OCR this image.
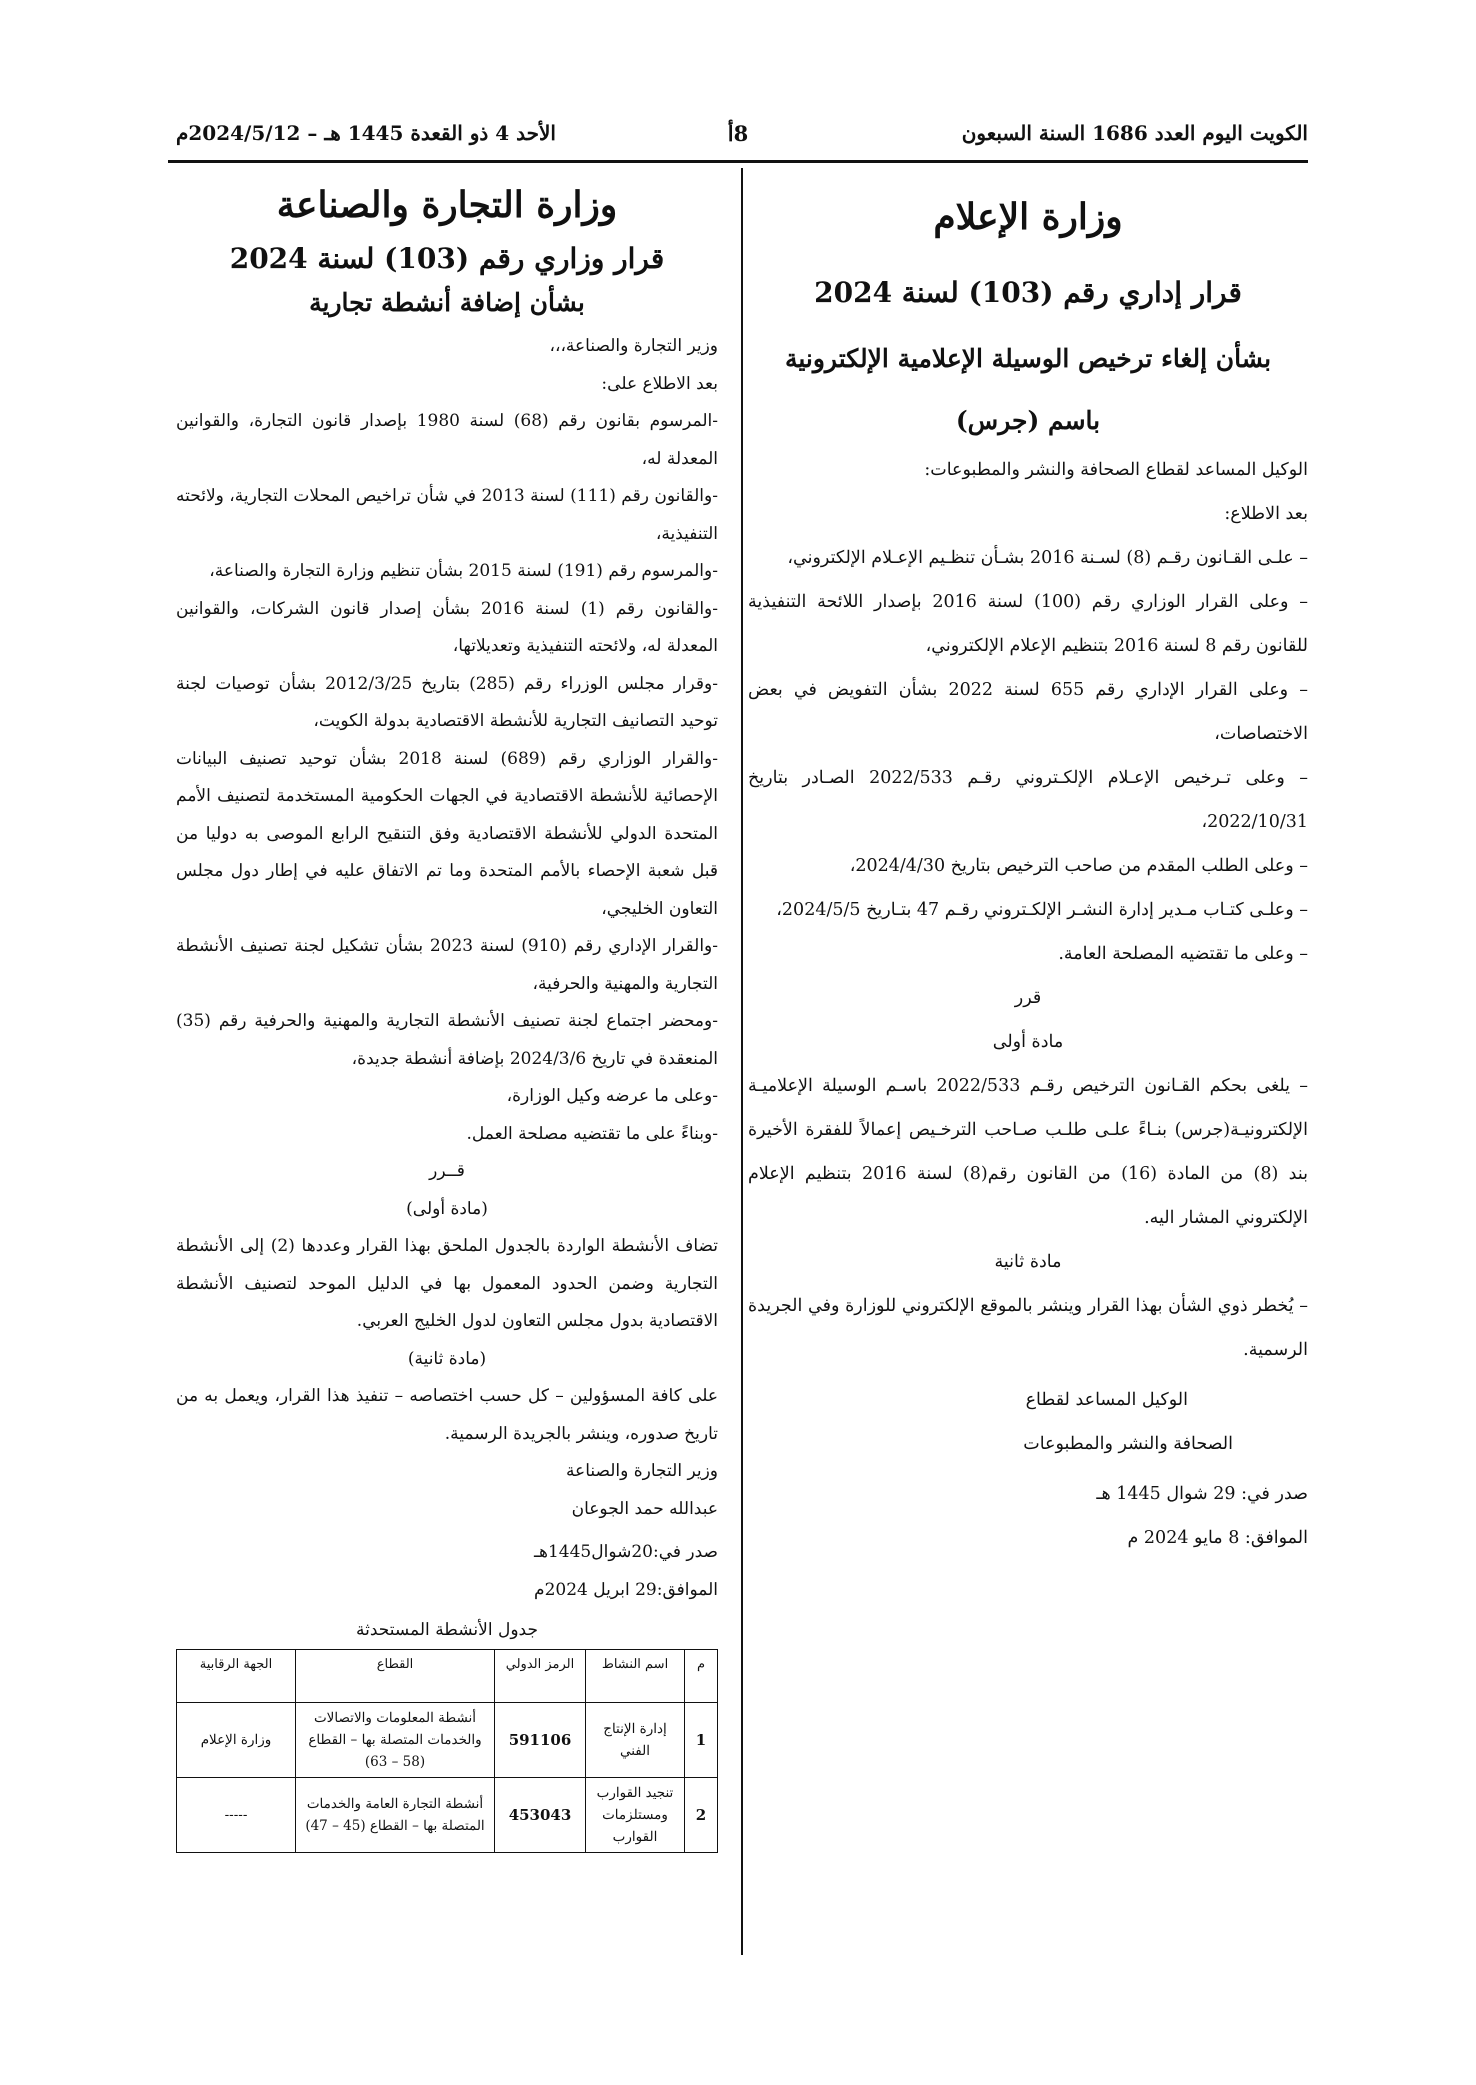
الكويت اليوم العدد 1686 السنة السبعون
8أ
الأحد 4 ذو القعدة 1445 هـ – 2024/5/12م

وزارة الإعلام

قرار إداري رقم (103) لسنة 2024

بشأن إلغاء ترخيص الوسيلة الإعلامية الإلكترونية

باسم (جرس)

الوكيل المساعد لقطاع الصحافة والنشر والمطبوعات:

بعد الاطلاع:

– علـى القـانون رقـم (8) لسـنة 2016 بشـأن تنظـيم الإعـلام الإلكتروني،

– وعلى القرار الوزاري رقم (100) لسنة 2016 بإصدار اللائحة التنفيذية للقانون رقم 8 لسنة 2016 بتنظيم الإعلام الإلكتروني،

– وعلى القرار الإداري رقم 655 لسنة 2022 بشأن التفويض في بعض الاختصاصات،

– وعلى تـرخيص الإعـلام الإلكـتروني رقـم 2022/533 الصـادر بتاريخ 2022/10/31،

– وعلى الطلب المقدم من صاحب الترخيص بتاريخ 2024/4/30،

– وعلـى كتـاب مـدير إدارة النشـر الإلكـتروني رقـم 47 بتـاريخ 2024/5/5،

– وعلى ما تقتضيه المصلحة العامة.

قرر

مادة أولى

– يلغى بحكم القـانون الترخيص رقـم 2022/533 باسـم الوسيلة الإعلاميـة الإلكترونيـة(جرس) بنـاءً علـى طلـب صـاحب الترخـيص إعمالاً للفقرة الأخيرة بند (8) من المادة (16) من القانون رقم(8) لسنة 2016 بتنظيم الإعلام الإلكتروني المشار اليه.

مادة ثانية

– يُخطر ذوي الشأن بهذا القرار وينشر بالموقع الإلكتروني للوزارة وفي الجريدة الرسمية.

الوكيل المساعد لقطاع

الصحافة والنشر والمطبوعات

صدر في: 29 شوال 1445 هـ

الموافق: 8 مايو 2024 م

وزارة التجارة والصناعة

قرار وزاري رقم (103) لسنة 2024

بشأن إضافة أنشطة تجارية

وزير التجارة والصناعة،،،

بعد الاطلاع على:

-المرسوم بقانون رقم (68) لسنة 1980 بإصدار قانون التجارة، والقوانين المعدلة له،

-والقانون رقم (111) لسنة 2013 في شأن تراخيص المحلات التجارية، ولائحته التنفيذية،

-والمرسوم رقم (191) لسنة 2015 بشأن تنظيم وزارة التجارة والصناعة،

-والقانون رقم (1) لسنة 2016 بشأن إصدار قانون الشركات، والقوانين المعدلة له، ولائحته التنفيذية وتعديلاتها،

-وقرار مجلس الوزراء رقم (285) بتاريخ 2012/3/25 بشأن توصيات لجنة توحيد التصانيف التجارية للأنشطة الاقتصادية بدولة الكويت،

-والقرار الوزاري رقم (689) لسنة 2018 بشأن توحيد تصنيف البيانات الإحصائية للأنشطة الاقتصادية في الجهات الحكومية المستخدمة لتصنيف الأمم المتحدة الدولي للأنشطة الاقتصادية وفق التنقيح الرابع الموصى به دوليا من قبل شعبة الإحصاء بالأمم المتحدة وما تم الاتفاق عليه في إطار دول مجلس التعاون الخليجي،

-والقرار الإداري رقم (910) لسنة 2023 بشأن تشكيل لجنة تصنيف الأنشطة التجارية والمهنية والحرفية،

-ومحضر اجتماع لجنة تصنيف الأنشطة التجارية والمهنية والحرفية رقم (35) المنعقدة في تاريخ 2024/3/6 بإضافة أنشطة جديدة،

-وعلى ما عرضه وكيل الوزارة،

-وبناءً على ما تقتضيه مصلحة العمل.

قــرر

(مادة أولى)

تضاف الأنشطة الواردة بالجدول الملحق بهذا القرار وعددها (2) إلى الأنشطة التجارية وضمن الحدود المعمول بها في الدليل الموحد لتصنيف الأنشطة الاقتصادية بدول مجلس التعاون لدول الخليج العربي.

(مادة ثانية)

على كافة المسؤولين – كل حسب اختصاصه – تنفيذ هذا القرار، ويعمل به من تاريخ صدوره، وينشر بالجريدة الرسمية.

وزير التجارة والصناعة

عبدالله حمد الجوعان

صدر في:20شوال1445هـ

الموافق:29 ابريل 2024م

جدول الأنشطة المستحدثة

م	اسم النشاط	الرمز الدولي	القطاع	الجهة الرقابية
1	إدارة الإنتاج الفني	591106	أنشطة المعلومات والاتصالات والخدمات المتصلة بها – القطاع (58 – 63)	وزارة الإعلام
2	تنجيد القوارب ومستلزمات القوارب	453043	أنشطة التجارة العامة والخدمات المتصلة بها – القطاع (45 – 47)	-----
